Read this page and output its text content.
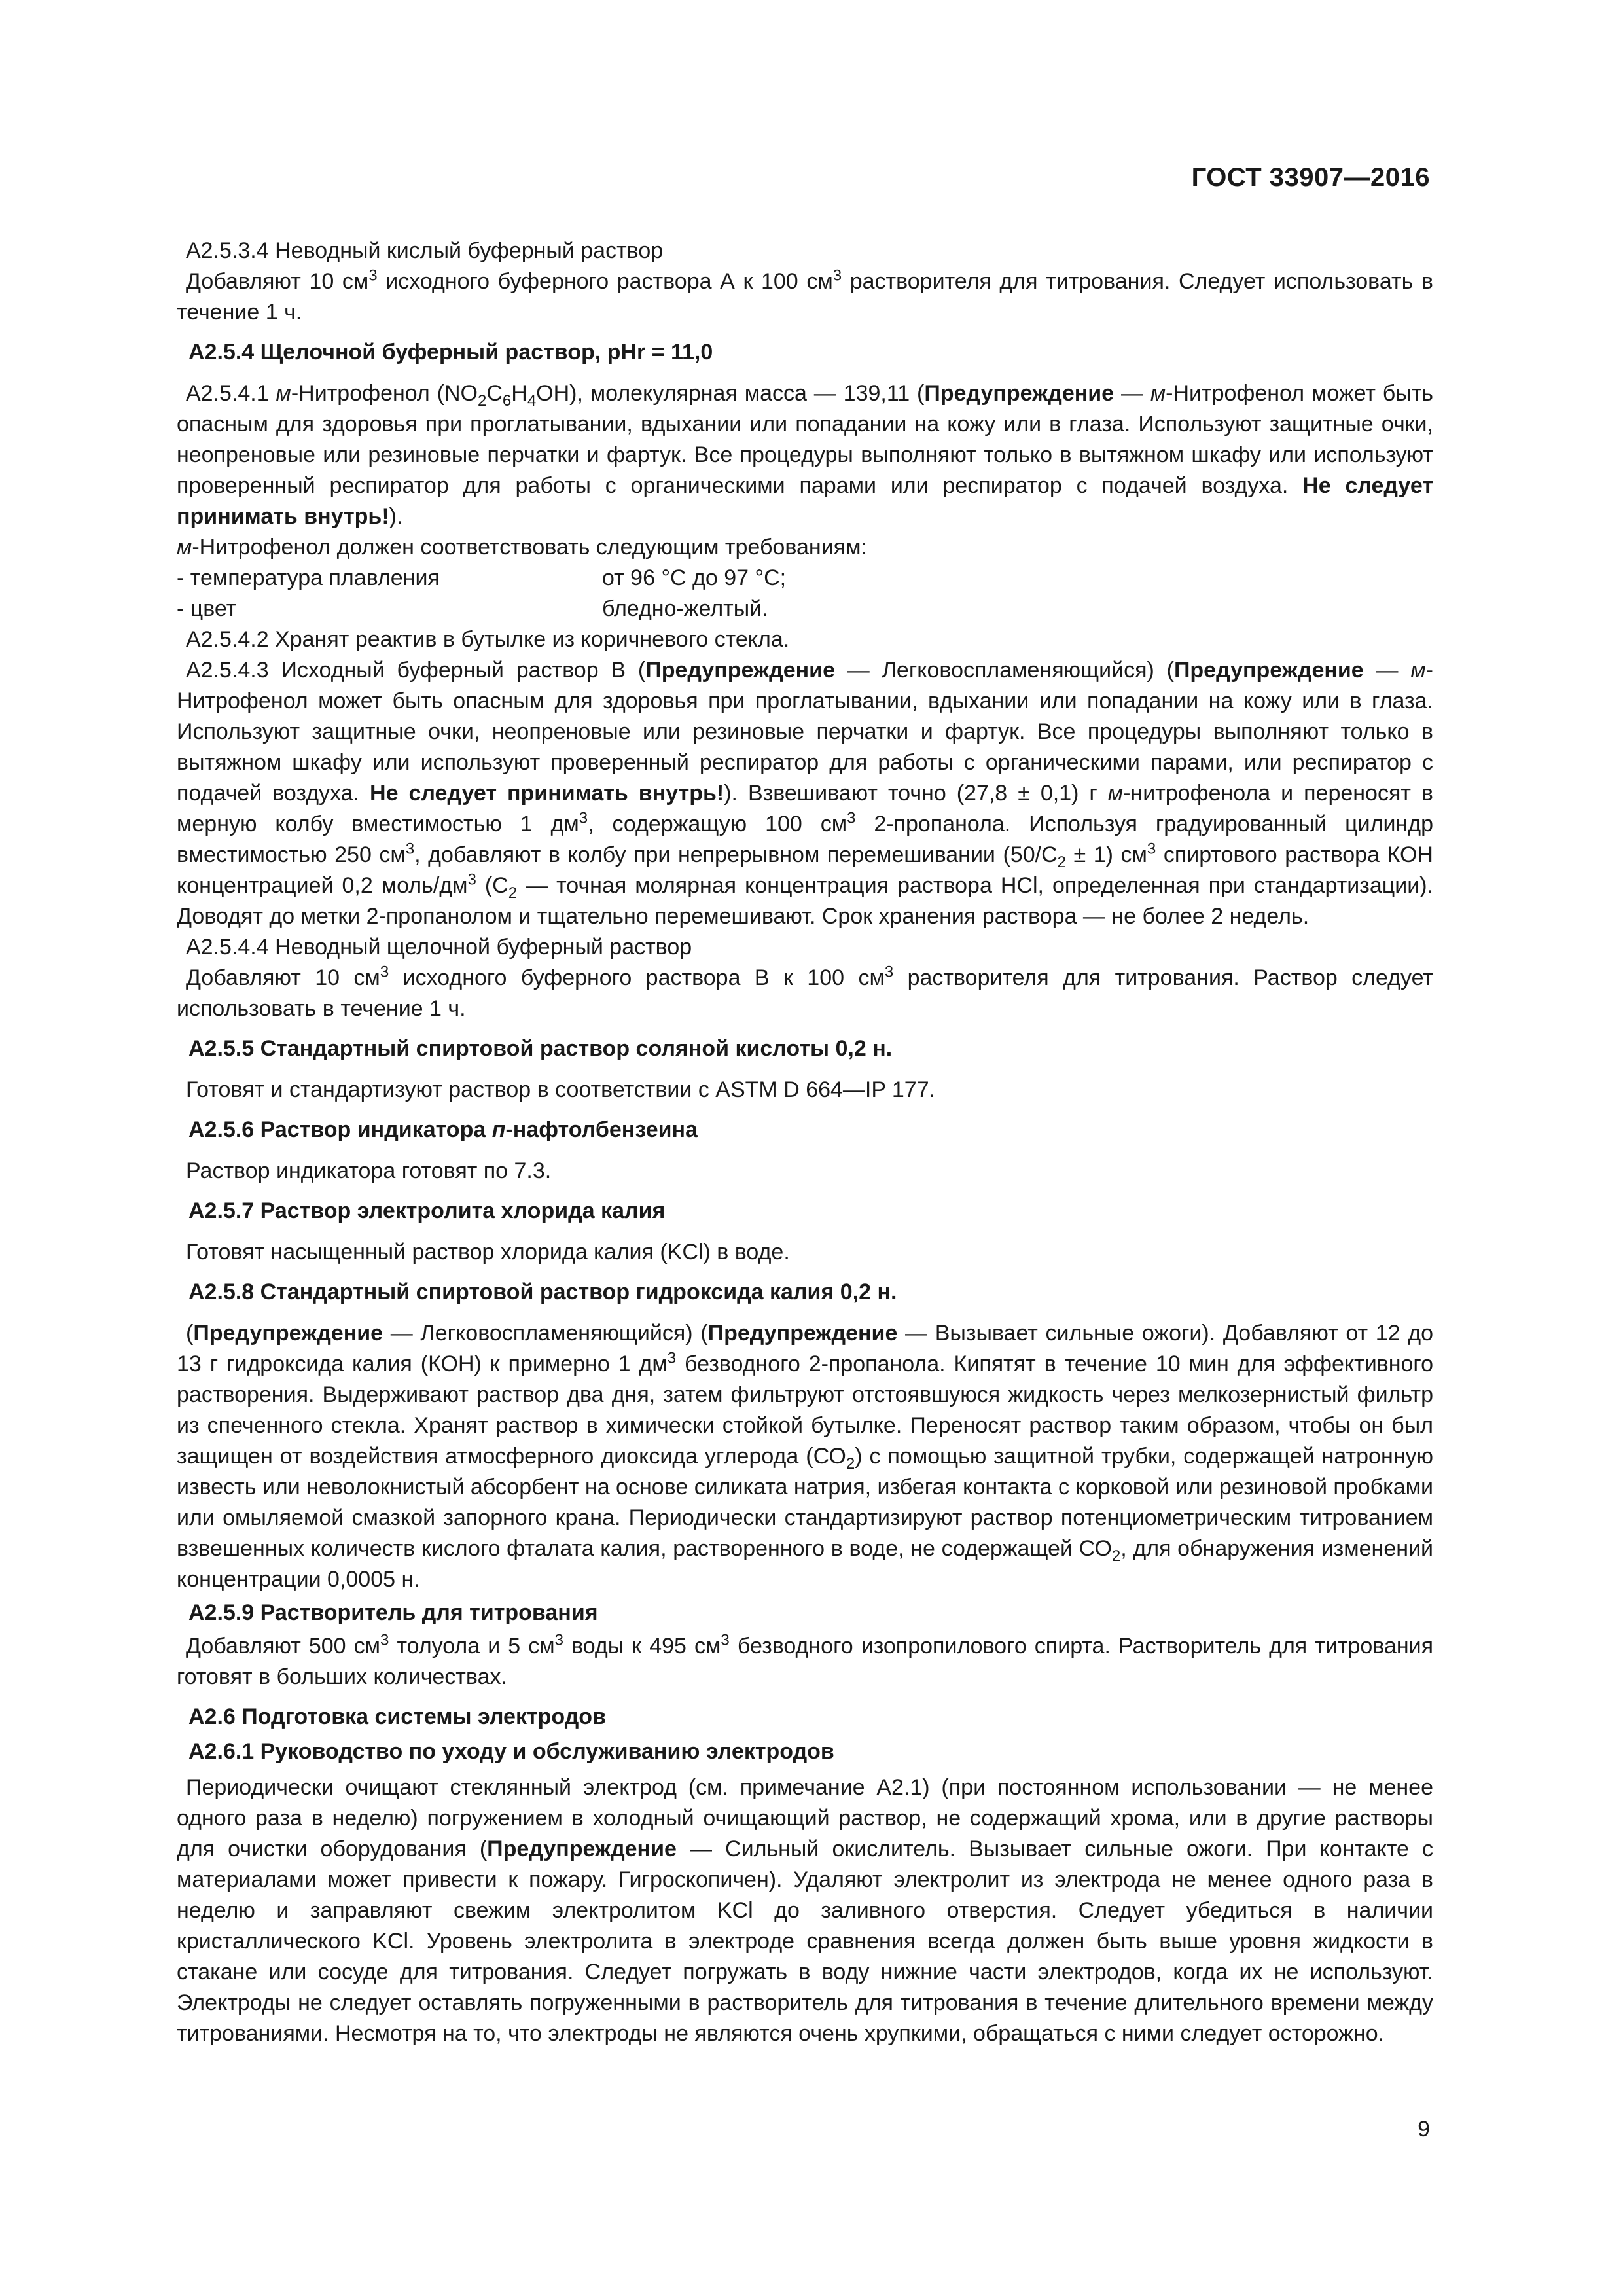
ГОСТ 33907—2016

А2.5.3.4 Неводный кислый буферный раствор

Добавляют 10 $см^3$ исходного буферного раствора А к 100 $см^3$ растворителя для титрования. Следует использовать в течение 1 ч.

А2.5.4 Щелочной буферный раствор, pHr = 11,0

А2.5.4.1 м-Нитрофенол $(NO_2C_6H_4OH)$, молекулярная масса — 139,11 (Предупреждение — м-Нитрофенол может быть опасным для здоровья при проглатывании, вдыхании или попадании на кожу или в глаза. Используют защитные очки, неопреновые или резиновые перчатки и фартук. Все процедуры выполняют только в вытяжном шкафу или используют проверенный респиратор для работы с органическими парами или респиратор с подачей воздуха. Не следует принимать внутрь!).

м-Нитрофенол должен соответствовать следующим требованиям:

- температура плавления	от 96 °С до 97 °С;
- цвет	бледно-желтый.

А2.5.4.2 Хранят реактив в бутылке из коричневого стекла.

А2.5.4.3 Исходный буферный раствор В (Предупреждение — Легковоспламеняющийся) (Предупреждение — м-Нитрофенол может быть опасным для здоровья при проглатывании, вдыхании или попадании на кожу или в глаза. Используют защитные очки, неопреновые или резиновые перчатки и фартук. Все процедуры выполняют только в вытяжном шкафу или используют проверенный респиратор для работы с органическими парами, или респиратор с подачей воздуха. Не следует принимать внутрь!). Взвешивают точно (27,8 ± 0,1) г м-нитрофенола и переносят в мерную колбу вместимостью 1 $дм^3$, содержащую 100 $см^3$ 2-пропанола. Используя градуированный цилиндр вместимостью 250 $см^3$, добавляют в колбу при непрерывном перемешивании $(50/С_2 \pm 1)$ $см^3$ спиртового раствора КОН концентрацией 0,2 моль/$дм^3$ ($С_2$ — точная молярная концентрация раствора HCl, определенная при стандартизации). Доводят до метки 2-пропанолом и тщательно перемешивают. Срок хранения раствора — не более 2 недель.

А2.5.4.4 Неводный щелочной буферный раствор

Добавляют 10 $см^3$ исходного буферного раствора В к 100 $см^3$ растворителя для титрования. Раствор следует использовать в течение 1 ч.

А2.5.5 Стандартный спиртовой раствор соляной кислоты 0,2 н.

Готовят и стандартизуют раствор в соответствии с ASTM D 664—IP 177.

А2.5.6 Раствор индикатора п-нафтолбензеина

Раствор индикатора готовят по 7.3.

А2.5.7 Раствор электролита хлорида калия

Готовят насыщенный раствор хлорида калия (KCl) в воде.

А2.5.8 Стандартный спиртовой раствор гидроксида калия 0,2 н.

(Предупреждение — Легковоспламеняющийся) (Предупреждение — Вызывает сильные ожоги). Добавляют от 12 до 13 г гидроксида калия (КОН) к примерно 1 $дм^3$ безводного 2-пропанола. Кипятят в течение 10 мин для эффективного растворения. Выдерживают раствор два дня, затем фильтруют отстоявшуюся жидкость через мелкозернистый фильтр из спеченного стекла. Хранят раствор в химически стойкой бутылке. Переносят раствор таким образом, чтобы он был защищен от воздействия атмосферного диоксида углерода $(СО_2)$ с помощью защитной трубки, содержащей натронную известь или неволокнистый абсорбент на основе силиката натрия, избегая контакта с корковой или резиновой пробками или омыляемой смазкой запорного крана. Периодически стандартизируют раствор потенциометрическим титрованием взвешенных количеств кислого фталата калия, растворенного в воде, не содержащей $СО_2$, для обнаружения изменений концентрации 0,0005 н.

А2.5.9 Растворитель для титрования

Добавляют 500 $см^3$ толуола и 5 $см^3$ воды к 495 $см^3$ безводного изопропилового спирта. Растворитель для титрования готовят в больших количествах.

А2.6 Подготовка системы электродов

А2.6.1 Руководство по уходу и обслуживанию электродов

Периодически очищают стеклянный электрод (см. примечание А2.1) (при постоянном использовании — не менее одного раза в неделю) погружением в холодный очищающий раствор, не содержащий хрома, или в другие растворы для очистки оборудования (Предупреждение — Сильный окислитель. Вызывает сильные ожоги. При контакте с материалами может привести к пожару. Гигроскопичен). Удаляют электролит из электрода не менее одного раза в неделю и заправляют свежим электролитом KCl до заливного отверстия. Следует убедиться в наличии кристаллического KCl. Уровень электролита в электроде сравнения всегда должен быть выше уровня жидкости в стакане или сосуде для титрования. Следует погружать в воду нижние части электродов, когда их не используют. Электроды не следует оставлять погруженными в растворитель для титрования в течение длительного времени между титрованиями. Несмотря на то, что электроды не являются очень хрупкими, обращаться с ними следует осторожно.

9
